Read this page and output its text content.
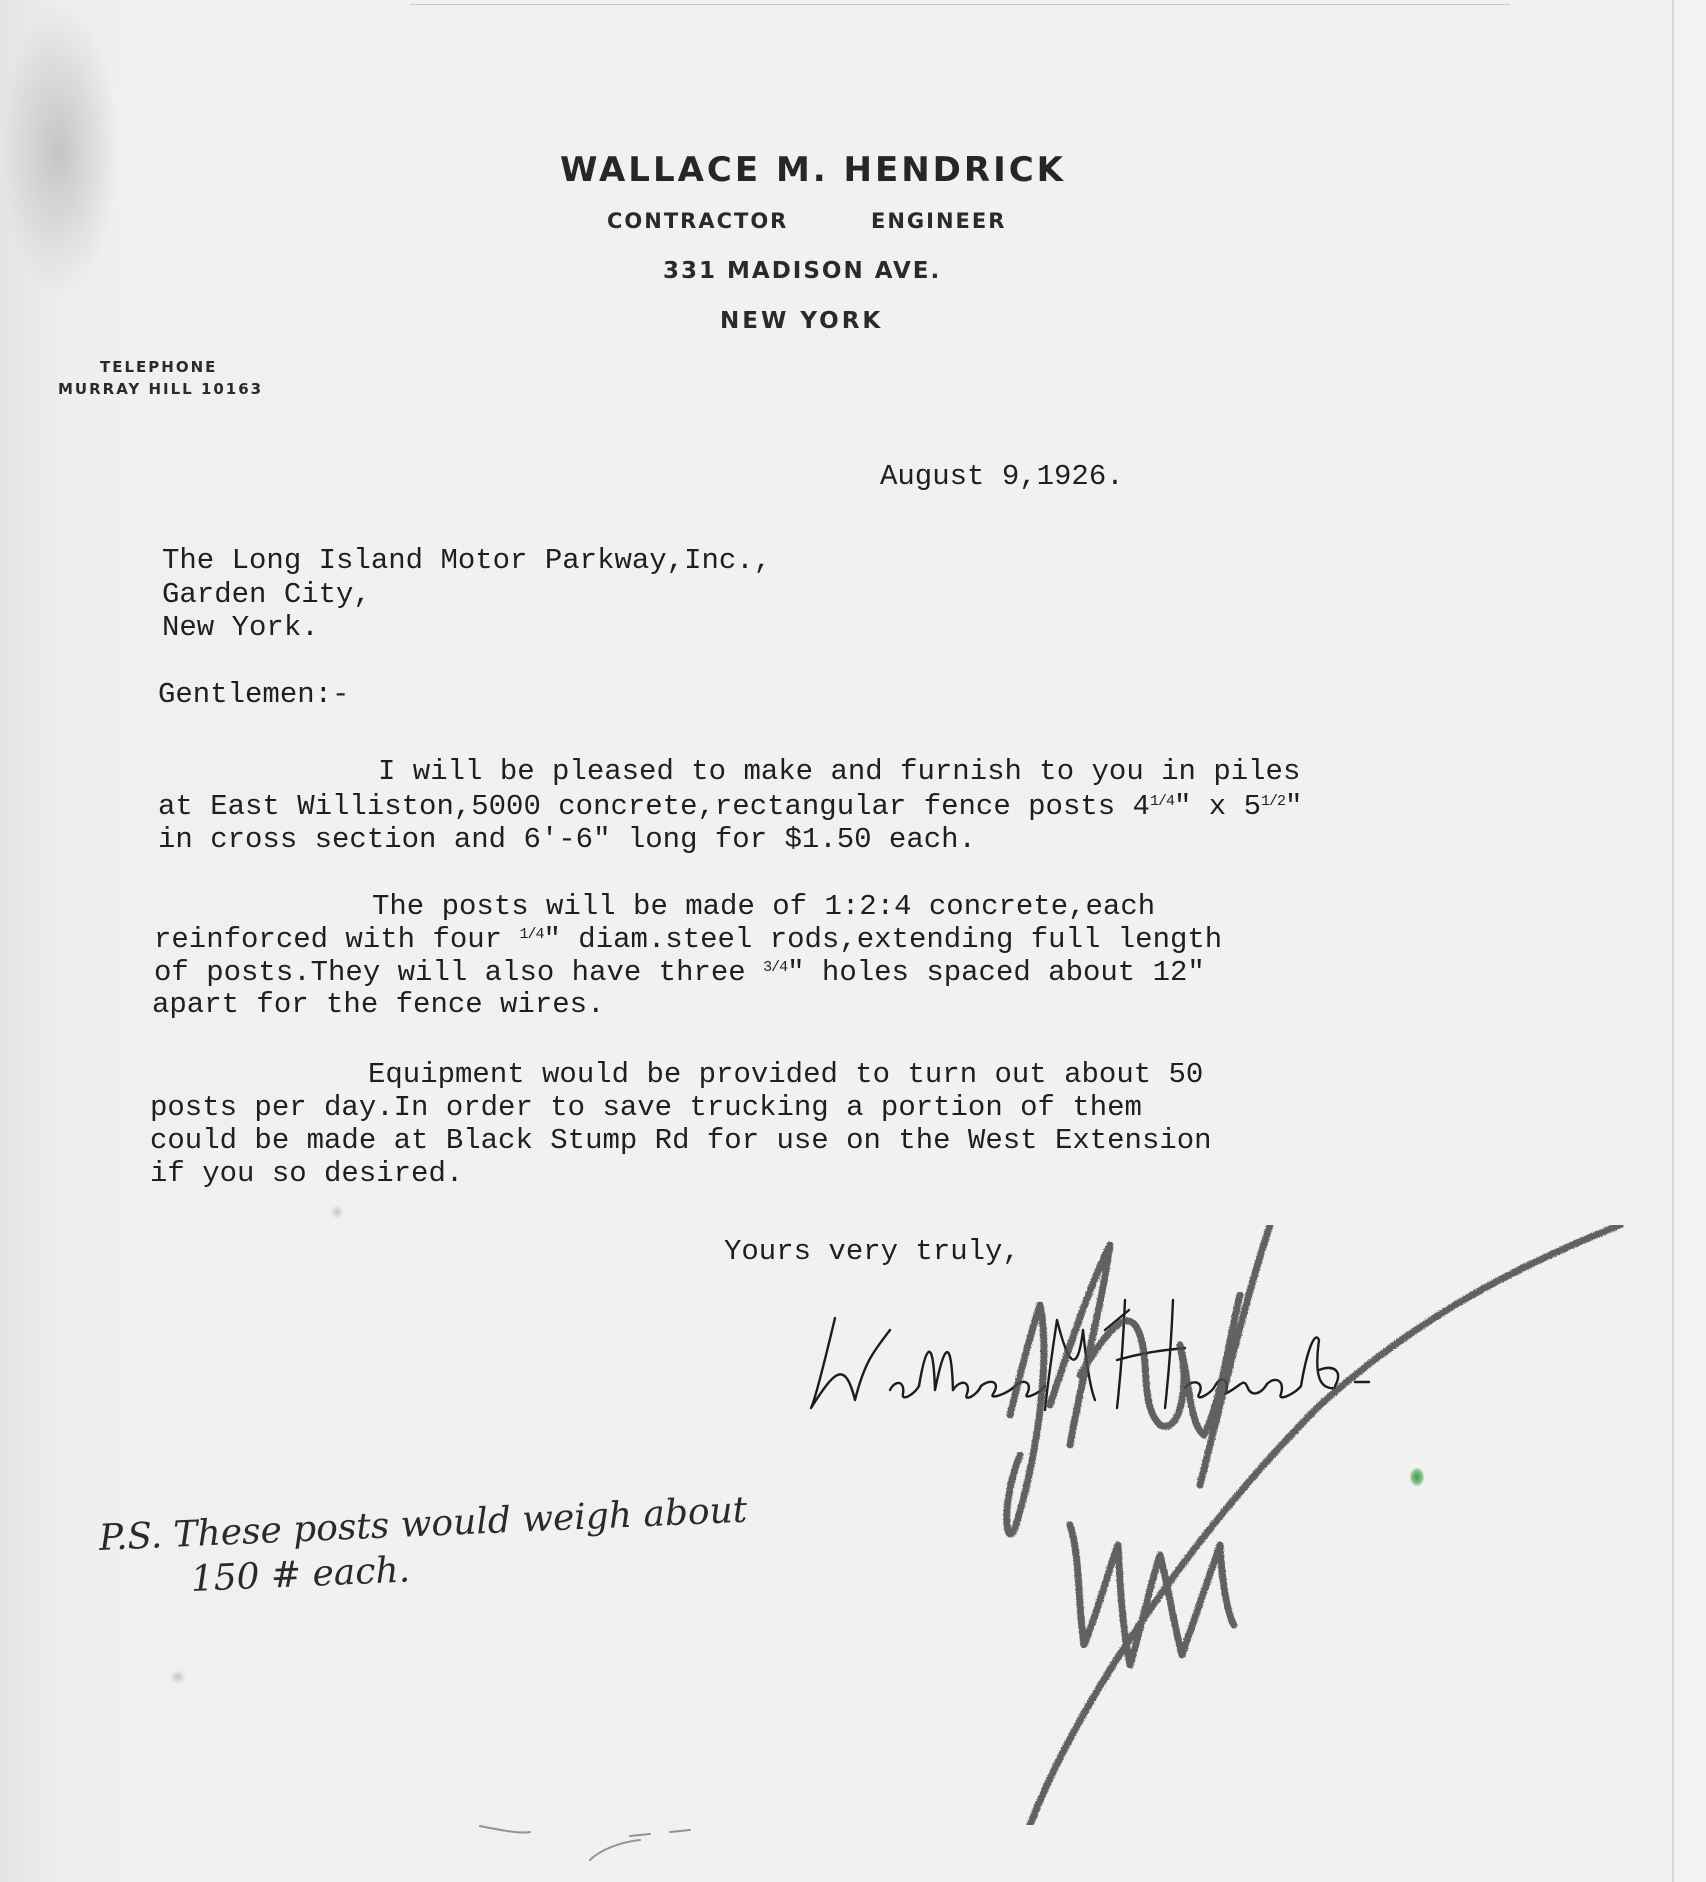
WALLACE M. HENDRICK
CONTRACTOR	ENGINEER
331 MADISON AVE.
NEW YORK
TELEPHONE
MURRAY HILL 10163
August 9,1926.
The Long Island Motor Parkway,Inc.,
Garden City,
New York.
Gentlemen:-
I will be pleased to make and furnish to you in piles
at East Williston,5000 concrete,rectangular fence posts $4^{1/4}$" x $5^{1/2}$"
in cross section and 6'-6" long for $1.50 each.
The posts will be made of 1:2:4 concrete,each
reinforced with four $^{1/4}$" diam.steel rods,extending full length
of posts.They will also have three $^{3/4}$" holes spaced about 12"
apart for the fence wires.
Equipment would be provided to turn out about 50
posts per day.In order to save trucking a portion of them
could be made at Black Stump Rd for use on the West Extension
if you so desired.
Yours very truly,
P.S. These posts would weigh about
150 # each.
